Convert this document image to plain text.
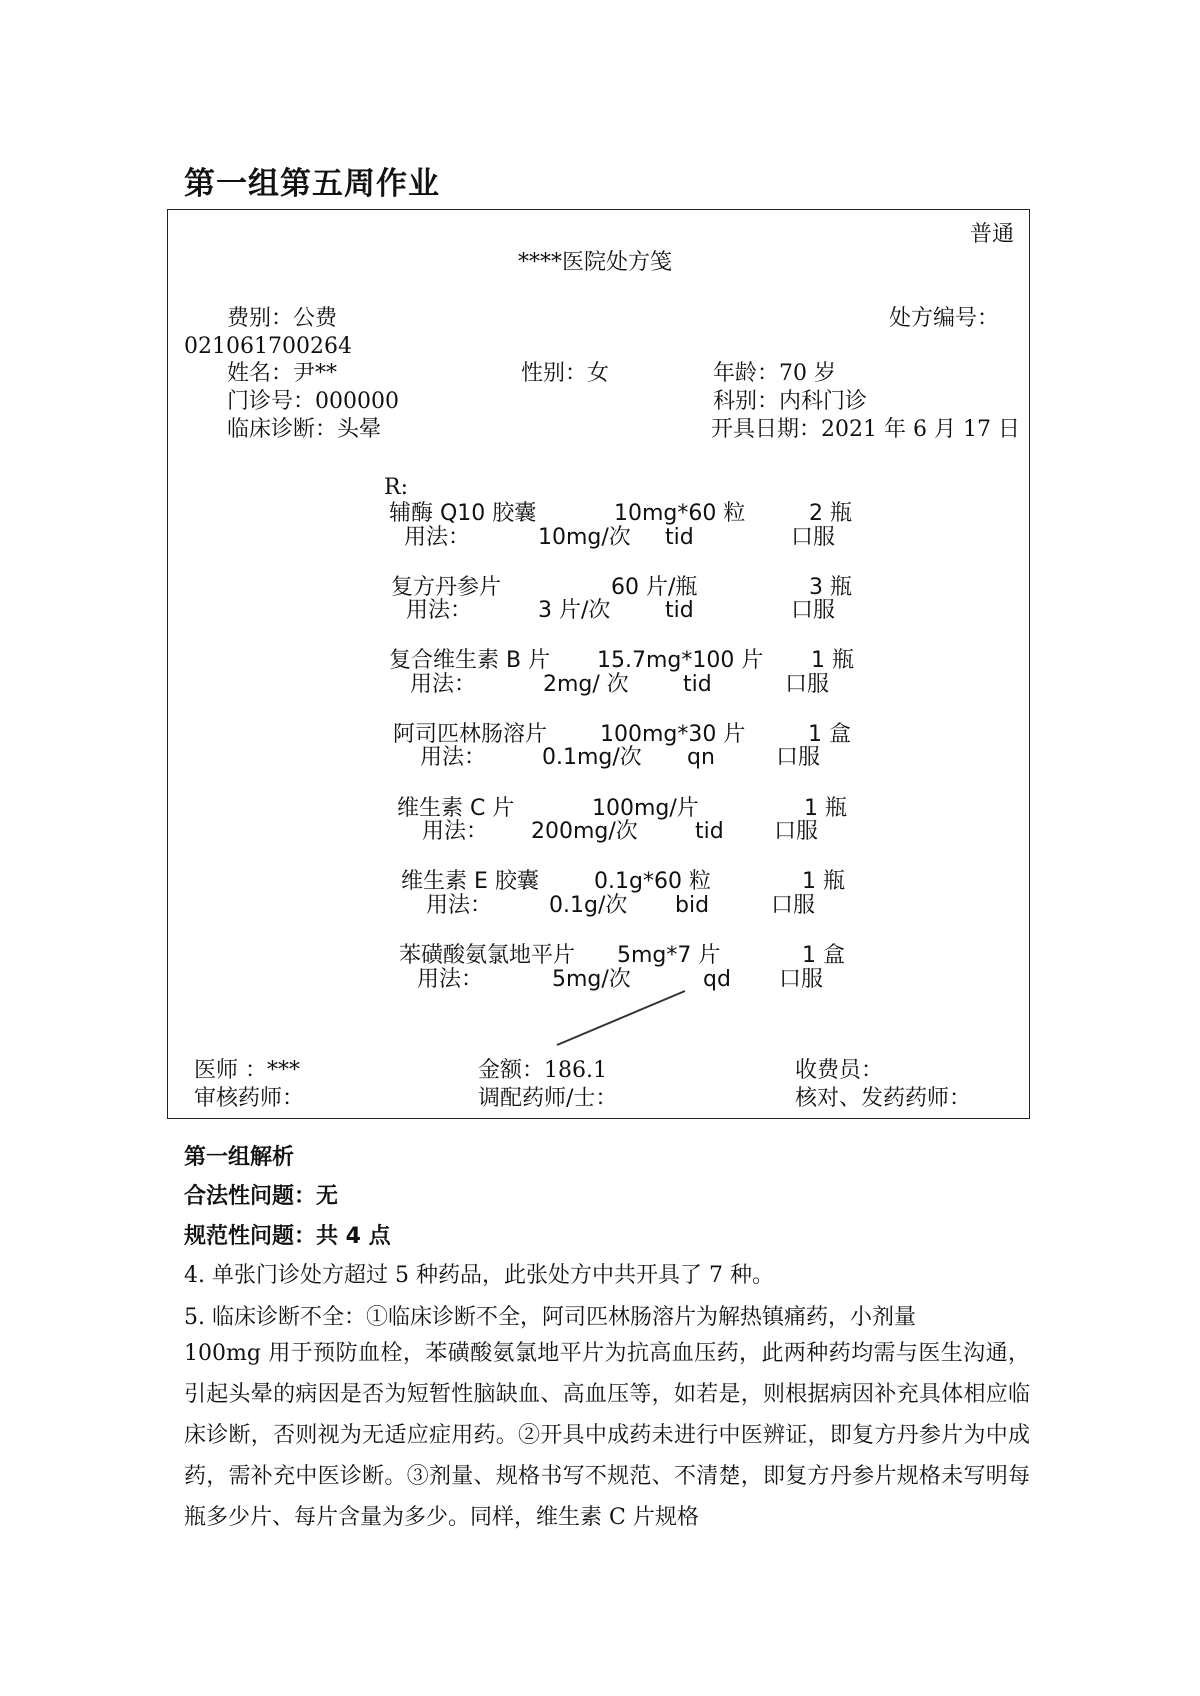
第一组第五周作业
普通
****医院处方笺
费别：公费	处方编号：
021061700264
姓名：尹**	性别：女	年龄：70 岁
门诊号：000000	科别：内科门诊
临床诊断：头晕	开具日期：2021 年 6 月 17 日
R:
辅酶 Q10 胶囊	10mg*60 粒	2 瓶
用法：	10mg/次 tid	口服
复方丹参片	60 片/瓶	3 瓶
用法：	3 片/次 tid	口服
复合维生素 B 片 15.7mg*100 片 1 瓶
用法：	2mg/ 次 tid	口服
阿司匹林肠溶片 100mg*30 片	1 盒
用法：	0.1mg/次 qn	口服
维生素 C 片	100mg/片	1 瓶
用法： 200mg/次	tid 口服
维生素 E 胶囊	0.1g*60 粒	1 瓶
用法：	0.1g/次 bid	口服
苯磺酸氨氯地平片 5mg*7 片	1 盒
用法：	5mg/次	qd 口服
医师 ：***	金额：186.1	收费员：
审核药师：	调配药师/士：	核对、发药药师：
第一组解析
合法性问题：无
规范性问题：共 4 点
4. 单张门诊处方超过 5 种药品，此张处方中共开具了 7 种。
5. 临床诊断不全：①临床诊断不全，阿司匹林肠溶片为解热镇痛药，小剂量
100mg 用于预防血栓，苯磺酸氨氯地平片为抗高血压药，此两种药均需与医生沟通，引起头晕的病因是否为短暂性脑缺血、高血压等，如若是，则根据病因补充具体相应临床诊断，否则视为无适应症用药。②开具中成药未进行中医辨证，即复方丹参片为中成药，需补充中医诊断。③剂量、规格书写不规范、不清楚，即复方丹参片规格未写明每瓶多少片、每片含量为多少。同样，维生素 C 片规格
